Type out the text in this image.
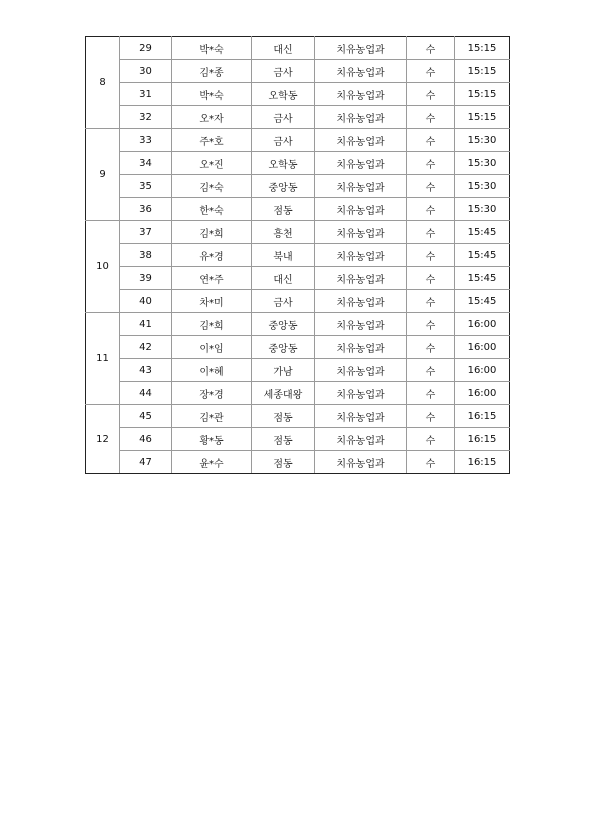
8	29	박*숙	대신	치유농업과	수	15:15
	30	김*종	금사	치유농업과	수	15:15
	31	박*숙	오학동	치유농업과	수	15:15
	32	오*자	금사	치유농업과	수	15:15
9	33	주*호	금사	치유농업과	수	15:30
	34	오*진	오학동	치유농업과	수	15:30
	35	김*숙	중앙동	치유농업과	수	15:30
	36	한*숙	점동	치유농업과	수	15:30
10	37	김*희	흥천	치유농업과	수	15:45
	38	유*경	북내	치유농업과	수	15:45
	39	연*주	대신	치유농업과	수	15:45
	40	차*미	금사	치유농업과	수	15:45
11	41	김*희	중앙동	치유농업과	수	16:00
	42	이*임	중앙동	치유농업과	수	16:00
	43	이*혜	가남	치유농업과	수	16:00
	44	장*경	세종대왕	치유농업과	수	16:00
12	45	김*관	점동	치유농업과	수	16:15
	46	황*동	점동	치유농업과	수	16:15
	47	윤*수	점동	치유농업과	수	16:15
